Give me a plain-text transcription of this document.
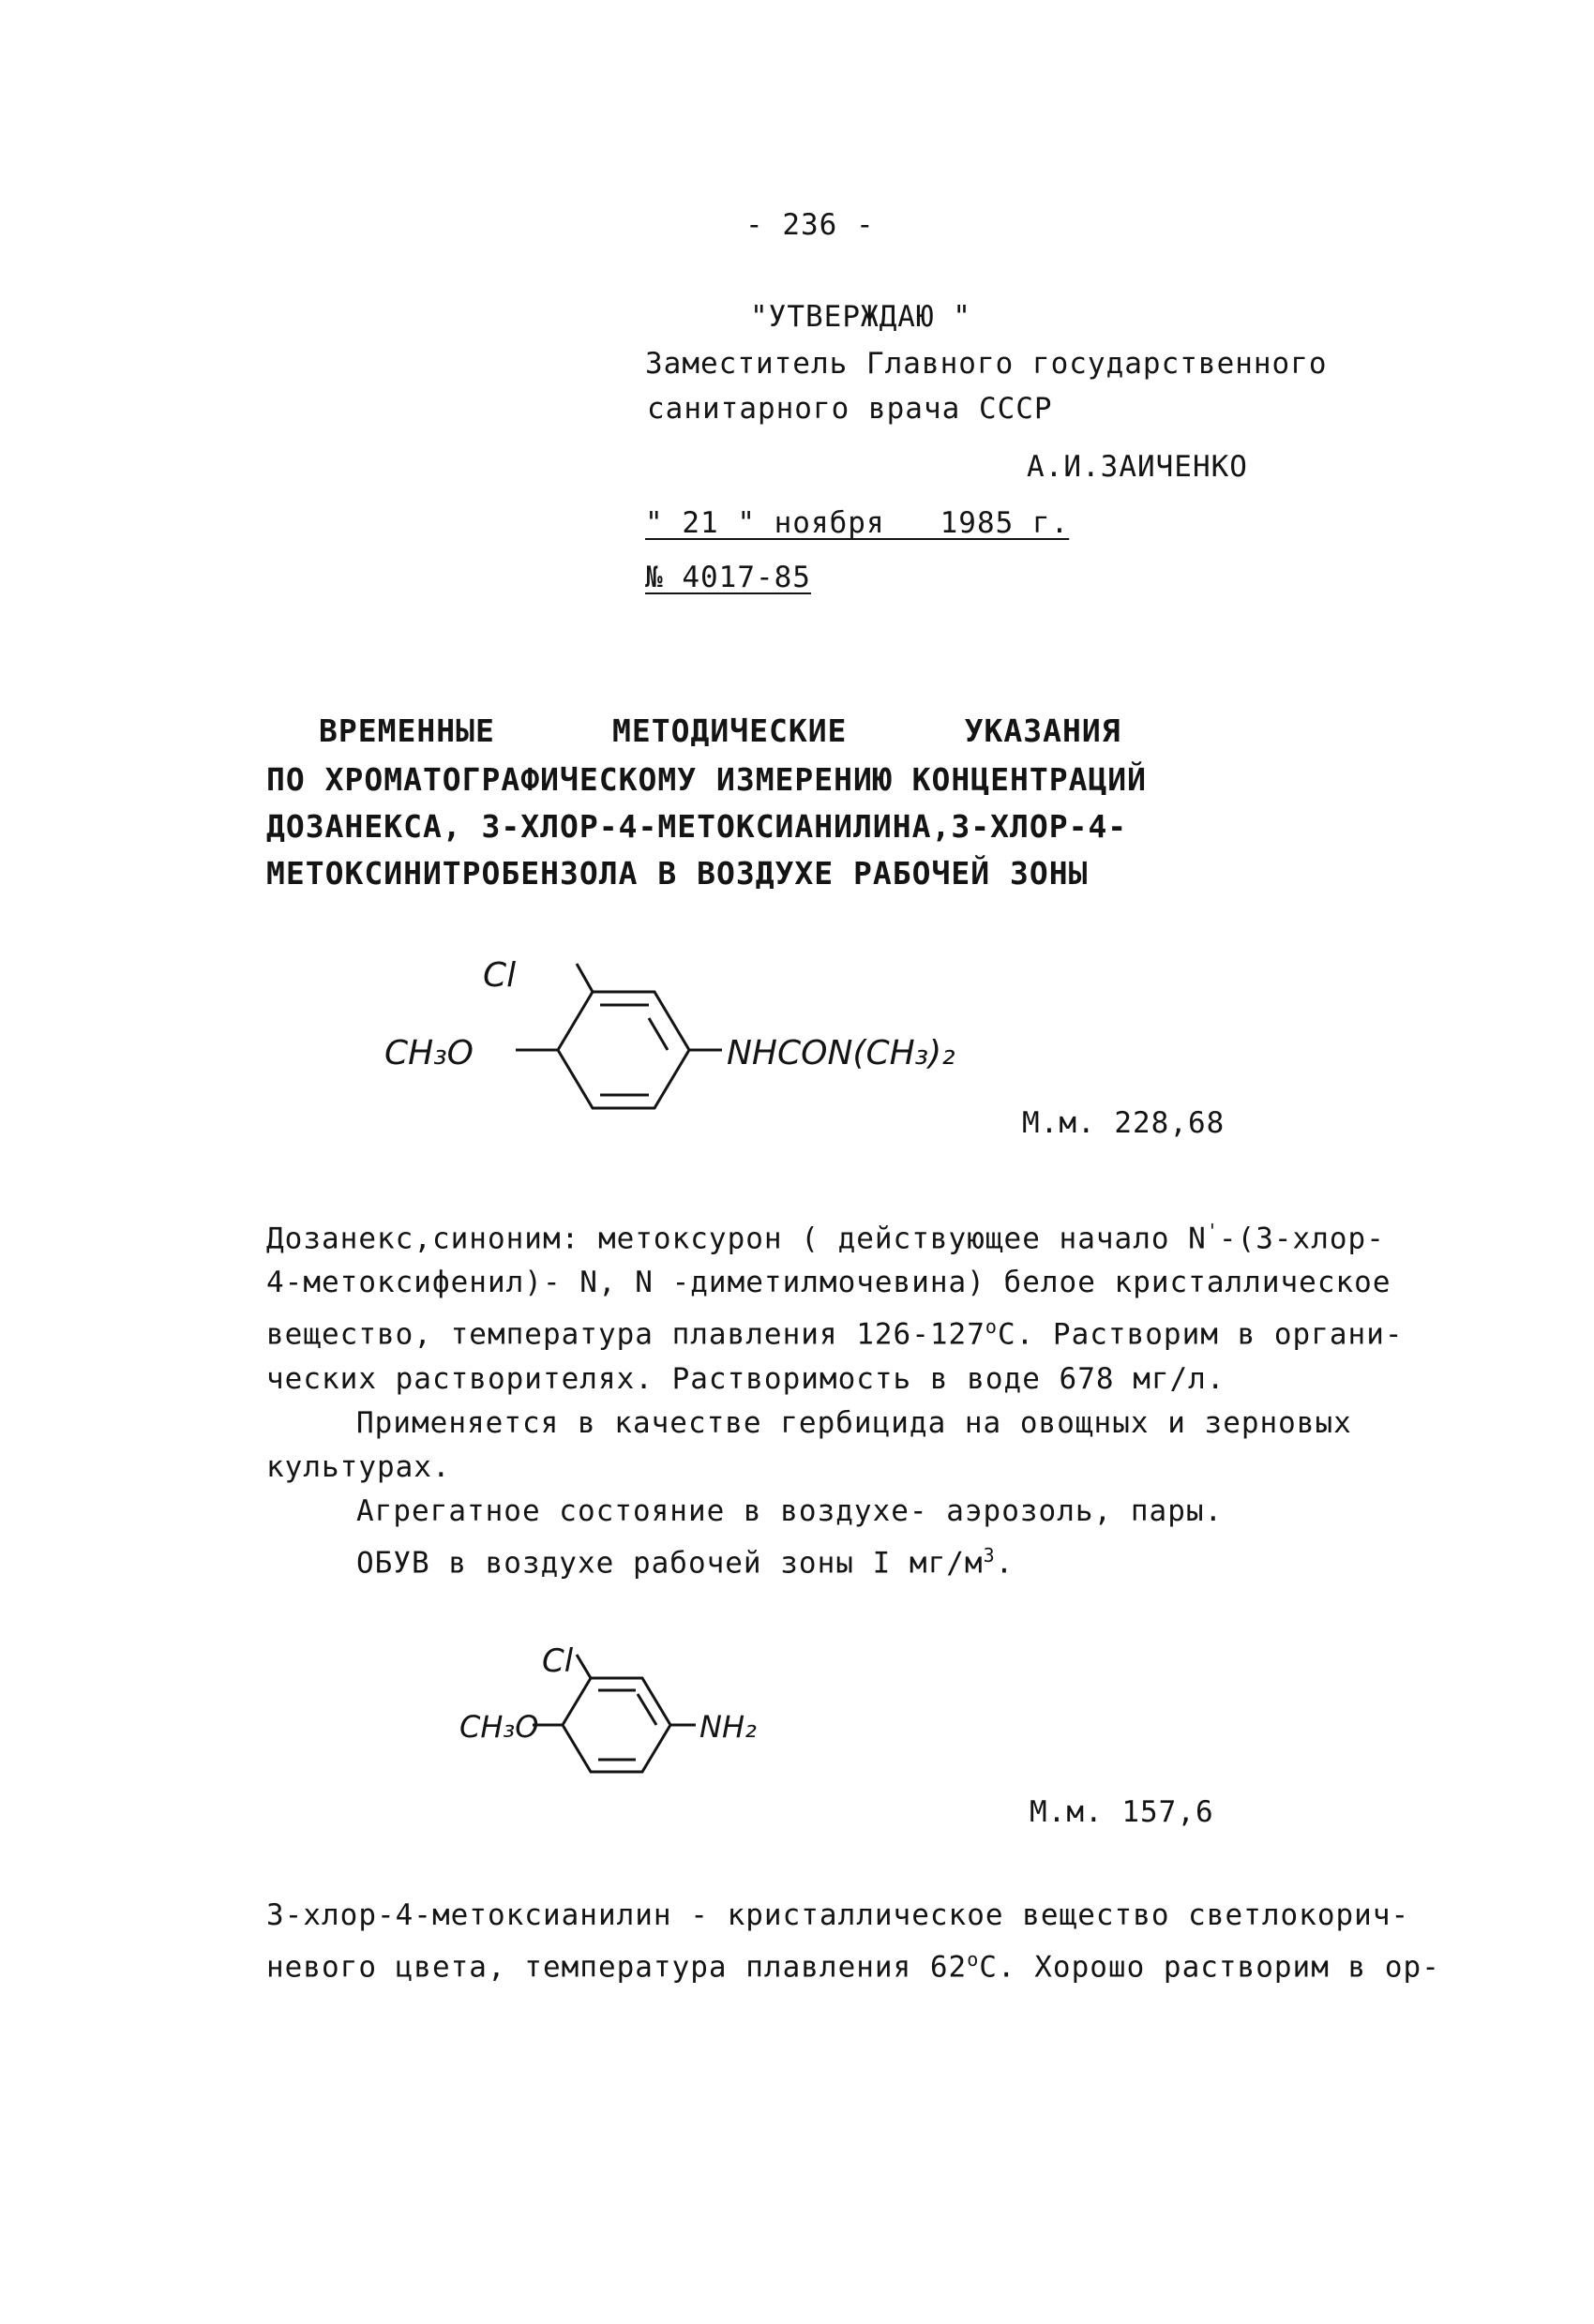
- 236 -
"УТВЕРЖДАЮ "
Заместитель Главного государственного
санитарного врача СССР
А.И.ЗАИЧЕНКО
" 21 " ноября   1985 г.
№ 4017-85
ВРЕМЕННЫЕ      МЕТОДИЧЕСКИЕ      УКАЗАНИЯ
ПО ХРОМАТОГРАФИЧЕСКОМУ ИЗМЕРЕНИЮ КОНЦЕНТРАЦИЙ
ДОЗАНЕКСА, 3-ХЛОР-4-МЕТОКСИАНИЛИНА,3-ХЛОР-4-
МЕТОКСИНИТРОБЕНЗОЛА В ВОЗДУХЕ РАБОЧЕЙ ЗОНЫ
Cl
CH₃O	NHCON(CH₃)₂
М.м. 228,68

Дозанекс,синоним: метоксурон ( действующее начало N'-(3-хлор-

4-метоксифенил)- N, N -диметилмочевина) белое кристаллическое

вещество, температура плавления $126-127^оС$. Растворим в органи-

ческих растворителях. Растворимость в воде 678 мг/л.

Применяется в качестве гербицида на овощных и зерновых

культурах.

Агрегатное состояние в воздухе- аэрозоль, пары.

ОБУВ в воздухе рабочей зоны I $мг/м^3$.

Cl
CH₃O	NH₂
М.м. 157,6

3-хлор-4-метоксианилин - кристаллическое вещество светлокорич-

невого цвета, температура плавления $62^оС$. Хорошо растворим в ор-
